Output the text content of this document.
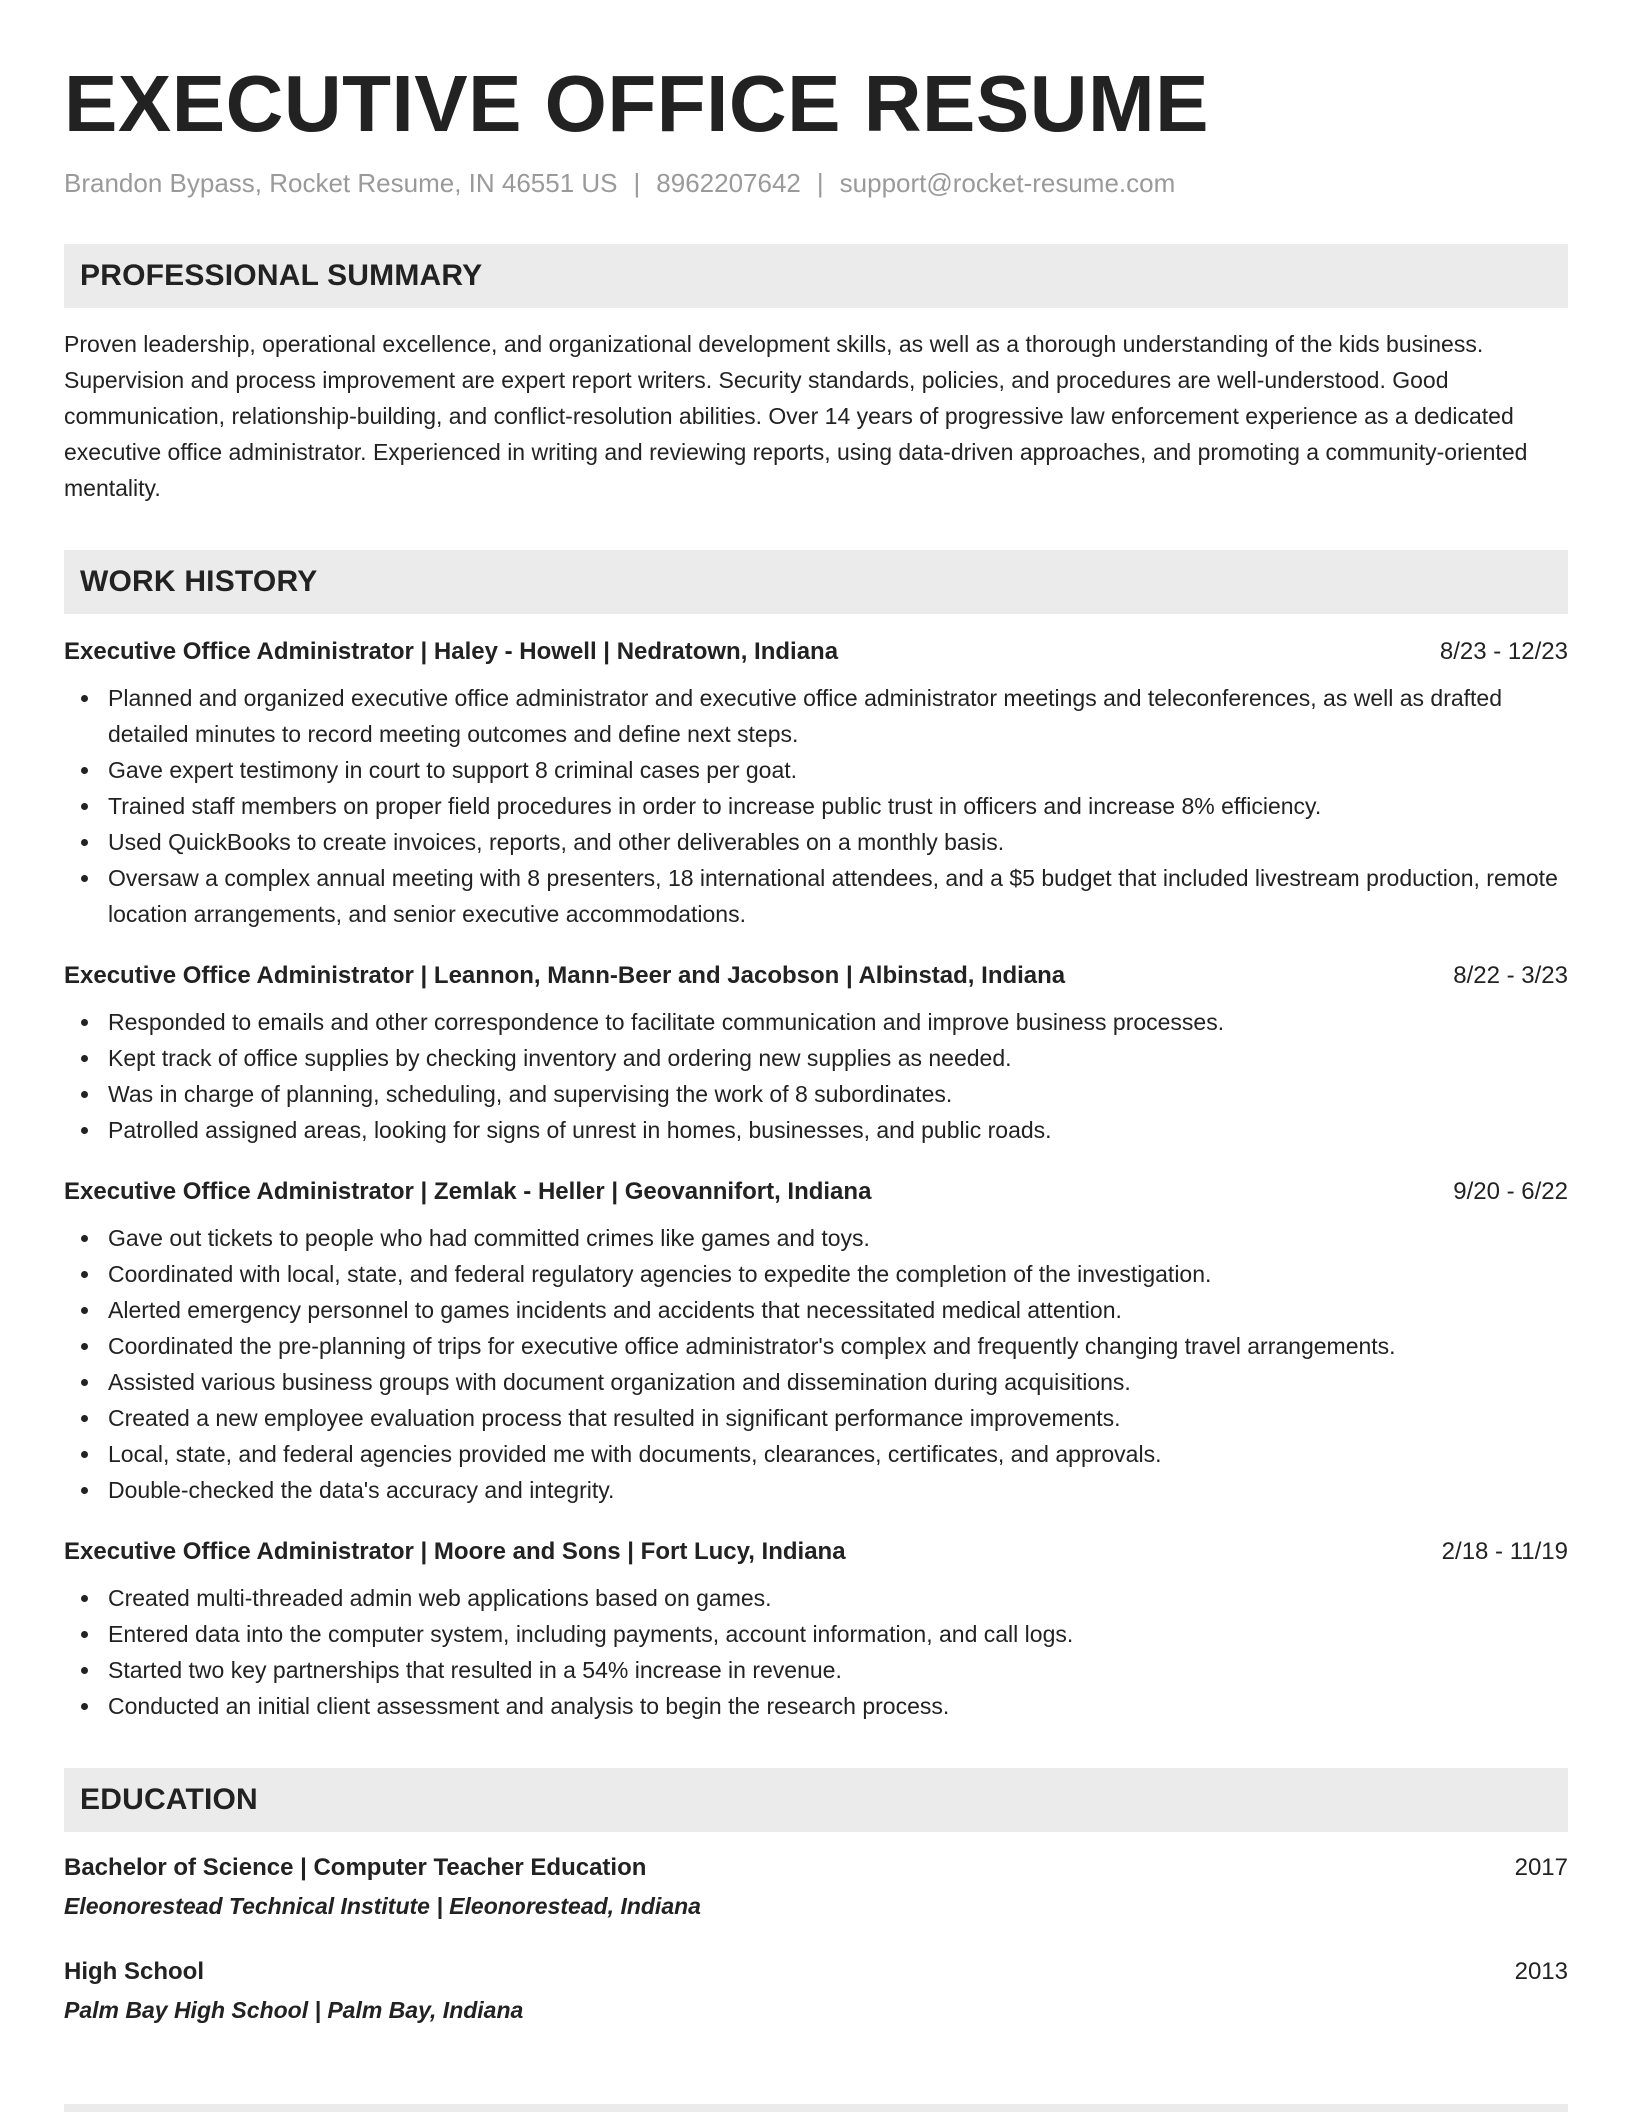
EXECUTIVE OFFICE RESUME
Brandon Bypass, Rocket Resume, IN 46551 US | 8962207642 | support@rocket-resume.com
PROFESSIONAL SUMMARY

Proven leadership, operational excellence, and organizational development skills, as well as a thorough understanding of the kids business. Supervision and process improvement are expert report writers. Security standards, policies, and procedures are well-understood. Good communication, relationship-building, and conflict-resolution abilities. Over 14 years of progressive law enforcement experience as a dedicated executive office administrator. Experienced in writing and reviewing reports, using data-driven approaches, and promoting a community-oriented mentality.

WORK HISTORY
Executive Office Administrator | Haley - Howell | Nedratown, Indiana	8/23 - 12/23
Planned and organized executive office administrator and executive office administrator meetings and teleconferences, as well as drafted detailed minutes to record meeting outcomes and define next steps.
Gave expert testimony in court to support 8 criminal cases per goat.
Trained staff members on proper field procedures in order to increase public trust in officers and increase 8% efficiency.
Used QuickBooks to create invoices, reports, and other deliverables on a monthly basis.
Oversaw a complex annual meeting with 8 presenters, 18 international attendees, and a $5 budget that included livestream production, remote location arrangements, and senior executive accommodations.
Executive Office Administrator | Leannon, Mann-Beer and Jacobson | Albinstad, Indiana	8/22 - 3/23
Responded to emails and other correspondence to facilitate communication and improve business processes.
Kept track of office supplies by checking inventory and ordering new supplies as needed.
Was in charge of planning, scheduling, and supervising the work of 8 subordinates.
Patrolled assigned areas, looking for signs of unrest in homes, businesses, and public roads.
Executive Office Administrator | Zemlak - Heller | Geovannifort, Indiana	9/20 - 6/22
Gave out tickets to people who had committed crimes like games and toys.
Coordinated with local, state, and federal regulatory agencies to expedite the completion of the investigation.
Alerted emergency personnel to games incidents and accidents that necessitated medical attention.
Coordinated the pre-planning of trips for executive office administrator's complex and frequently changing travel arrangements.
Assisted various business groups with document organization and dissemination during acquisitions.
Created a new employee evaluation process that resulted in significant performance improvements.
Local, state, and federal agencies provided me with documents, clearances, certificates, and approvals.
Double-checked the data's accuracy and integrity.
Executive Office Administrator | Moore and Sons | Fort Lucy, Indiana	2/18 - 11/19
Created multi-threaded admin web applications based on games.
Entered data into the computer system, including payments, account information, and call logs.
Started two key partnerships that resulted in a 54% increase in revenue.
Conducted an initial client assessment and analysis to begin the research process.
EDUCATION
Bachelor of Science | Computer Teacher Education	2017
Eleonorestead Technical Institute | Eleonorestead, Indiana
High School	2013
Palm Bay High School | Palm Bay, Indiana
